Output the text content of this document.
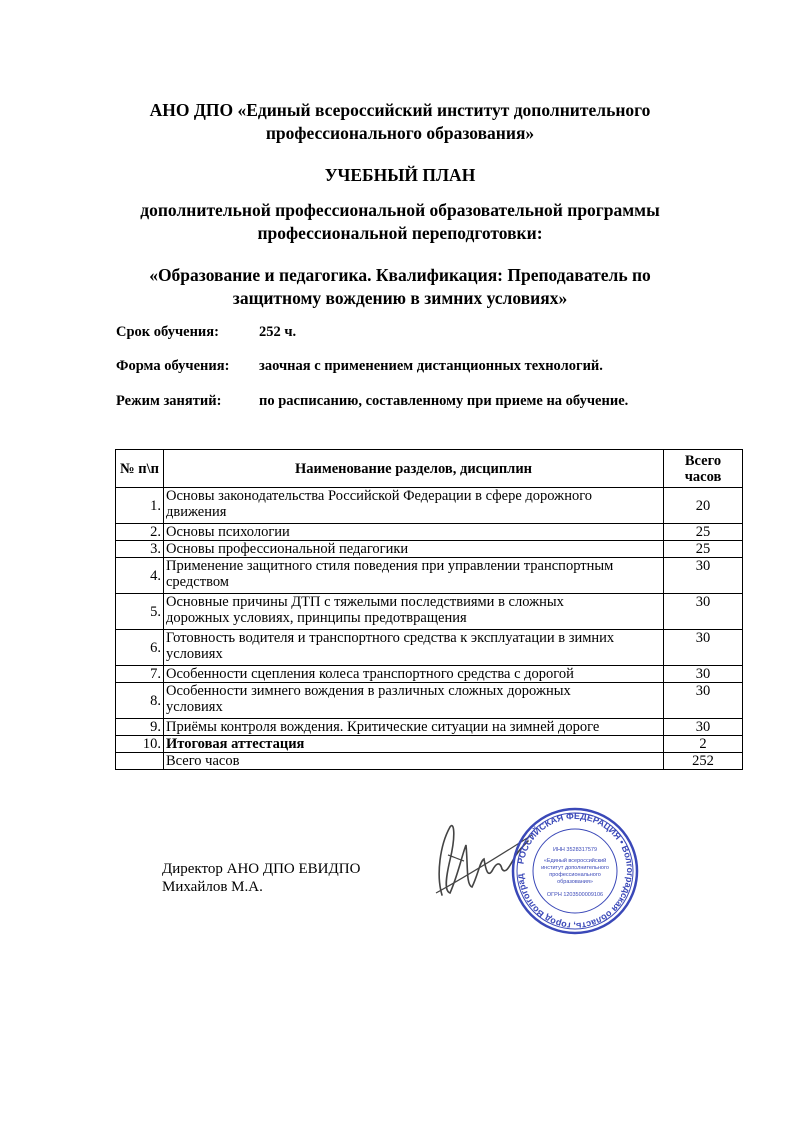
АНО ДПО «Единый всероссийский институт дополнительного
профессионального образования»
УЧЕБНЫЙ ПЛАН
дополнительной профессиональной образовательной программы
профессиональной переподготовки:
«Образование и педагогика. Квалификация: Преподаватель по
защитному вождению в зимних условиях»
Срок обучения:	252 ч.
Форма обучения: заочная с применением дистанционных технологий.
Режим занятий:	по расписанию, составленному при приеме на обучение.
№ п\п	Наименование разделов, дисциплин	Всего
часов

1.	Основы законодательства Российской Федерации в сфере дорожного
движения	20
2.	Основы психологии	25
3.	Основы профессиональной педагогики	25
4.	Применение защитного стиля поведения при управлении транспортным
средством	30
5.	Основные причины ДТП с тяжелыми последствиями в сложных
дорожных условиях, принципы предотвращения	30
6.	Готовность водителя и транспортного средства к эксплуатации в зимних
условиях	30
7.	Особенности сцепления колеса транспортного средства с дорогой	30
8.	Особенности зимнего вождения в различных сложных дорожных
условиях	30
9.	Приёмы контроля вождения. Критические ситуации на зимней дороге	30
10.	Итоговая аттестация	2
	Всего часов	252
Директор АНО ДПО ЕВИДПО
Михайлов М.А.
РОССИЙСКАЯ ФЕДЕРАЦИЯ • Волгоградская область, город Волгоград
ИНН 3528317579
«Единый всероссийский
институт дополнительного
профессионального
образования»
ОГРН 1203500009106
